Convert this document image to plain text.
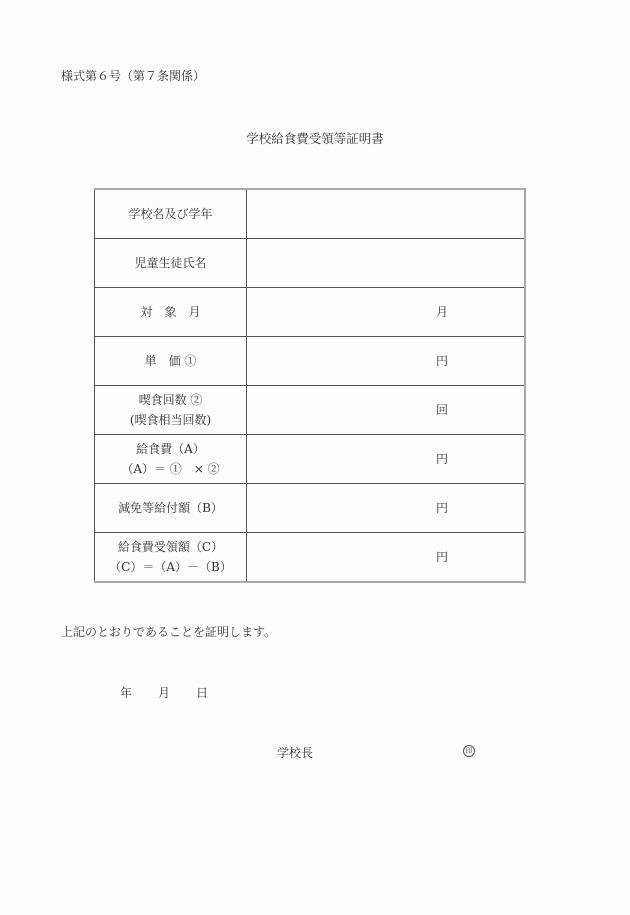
様式第６号（第７条関係）
学校給食費受領等証明書
学校名及び学年	
児童生徒氏名	
対　象　月	月
単　価 ①	円

喫食回数 ②
(喫食相当回数)	回

給食費（A）
（A）＝ ①　× ②	円
減免等給付額（B）	円

給食費受領額（C）
（C）＝（A）－（B）	円
上記のとおりであることを証明します。
年 月 日
学校長	印
